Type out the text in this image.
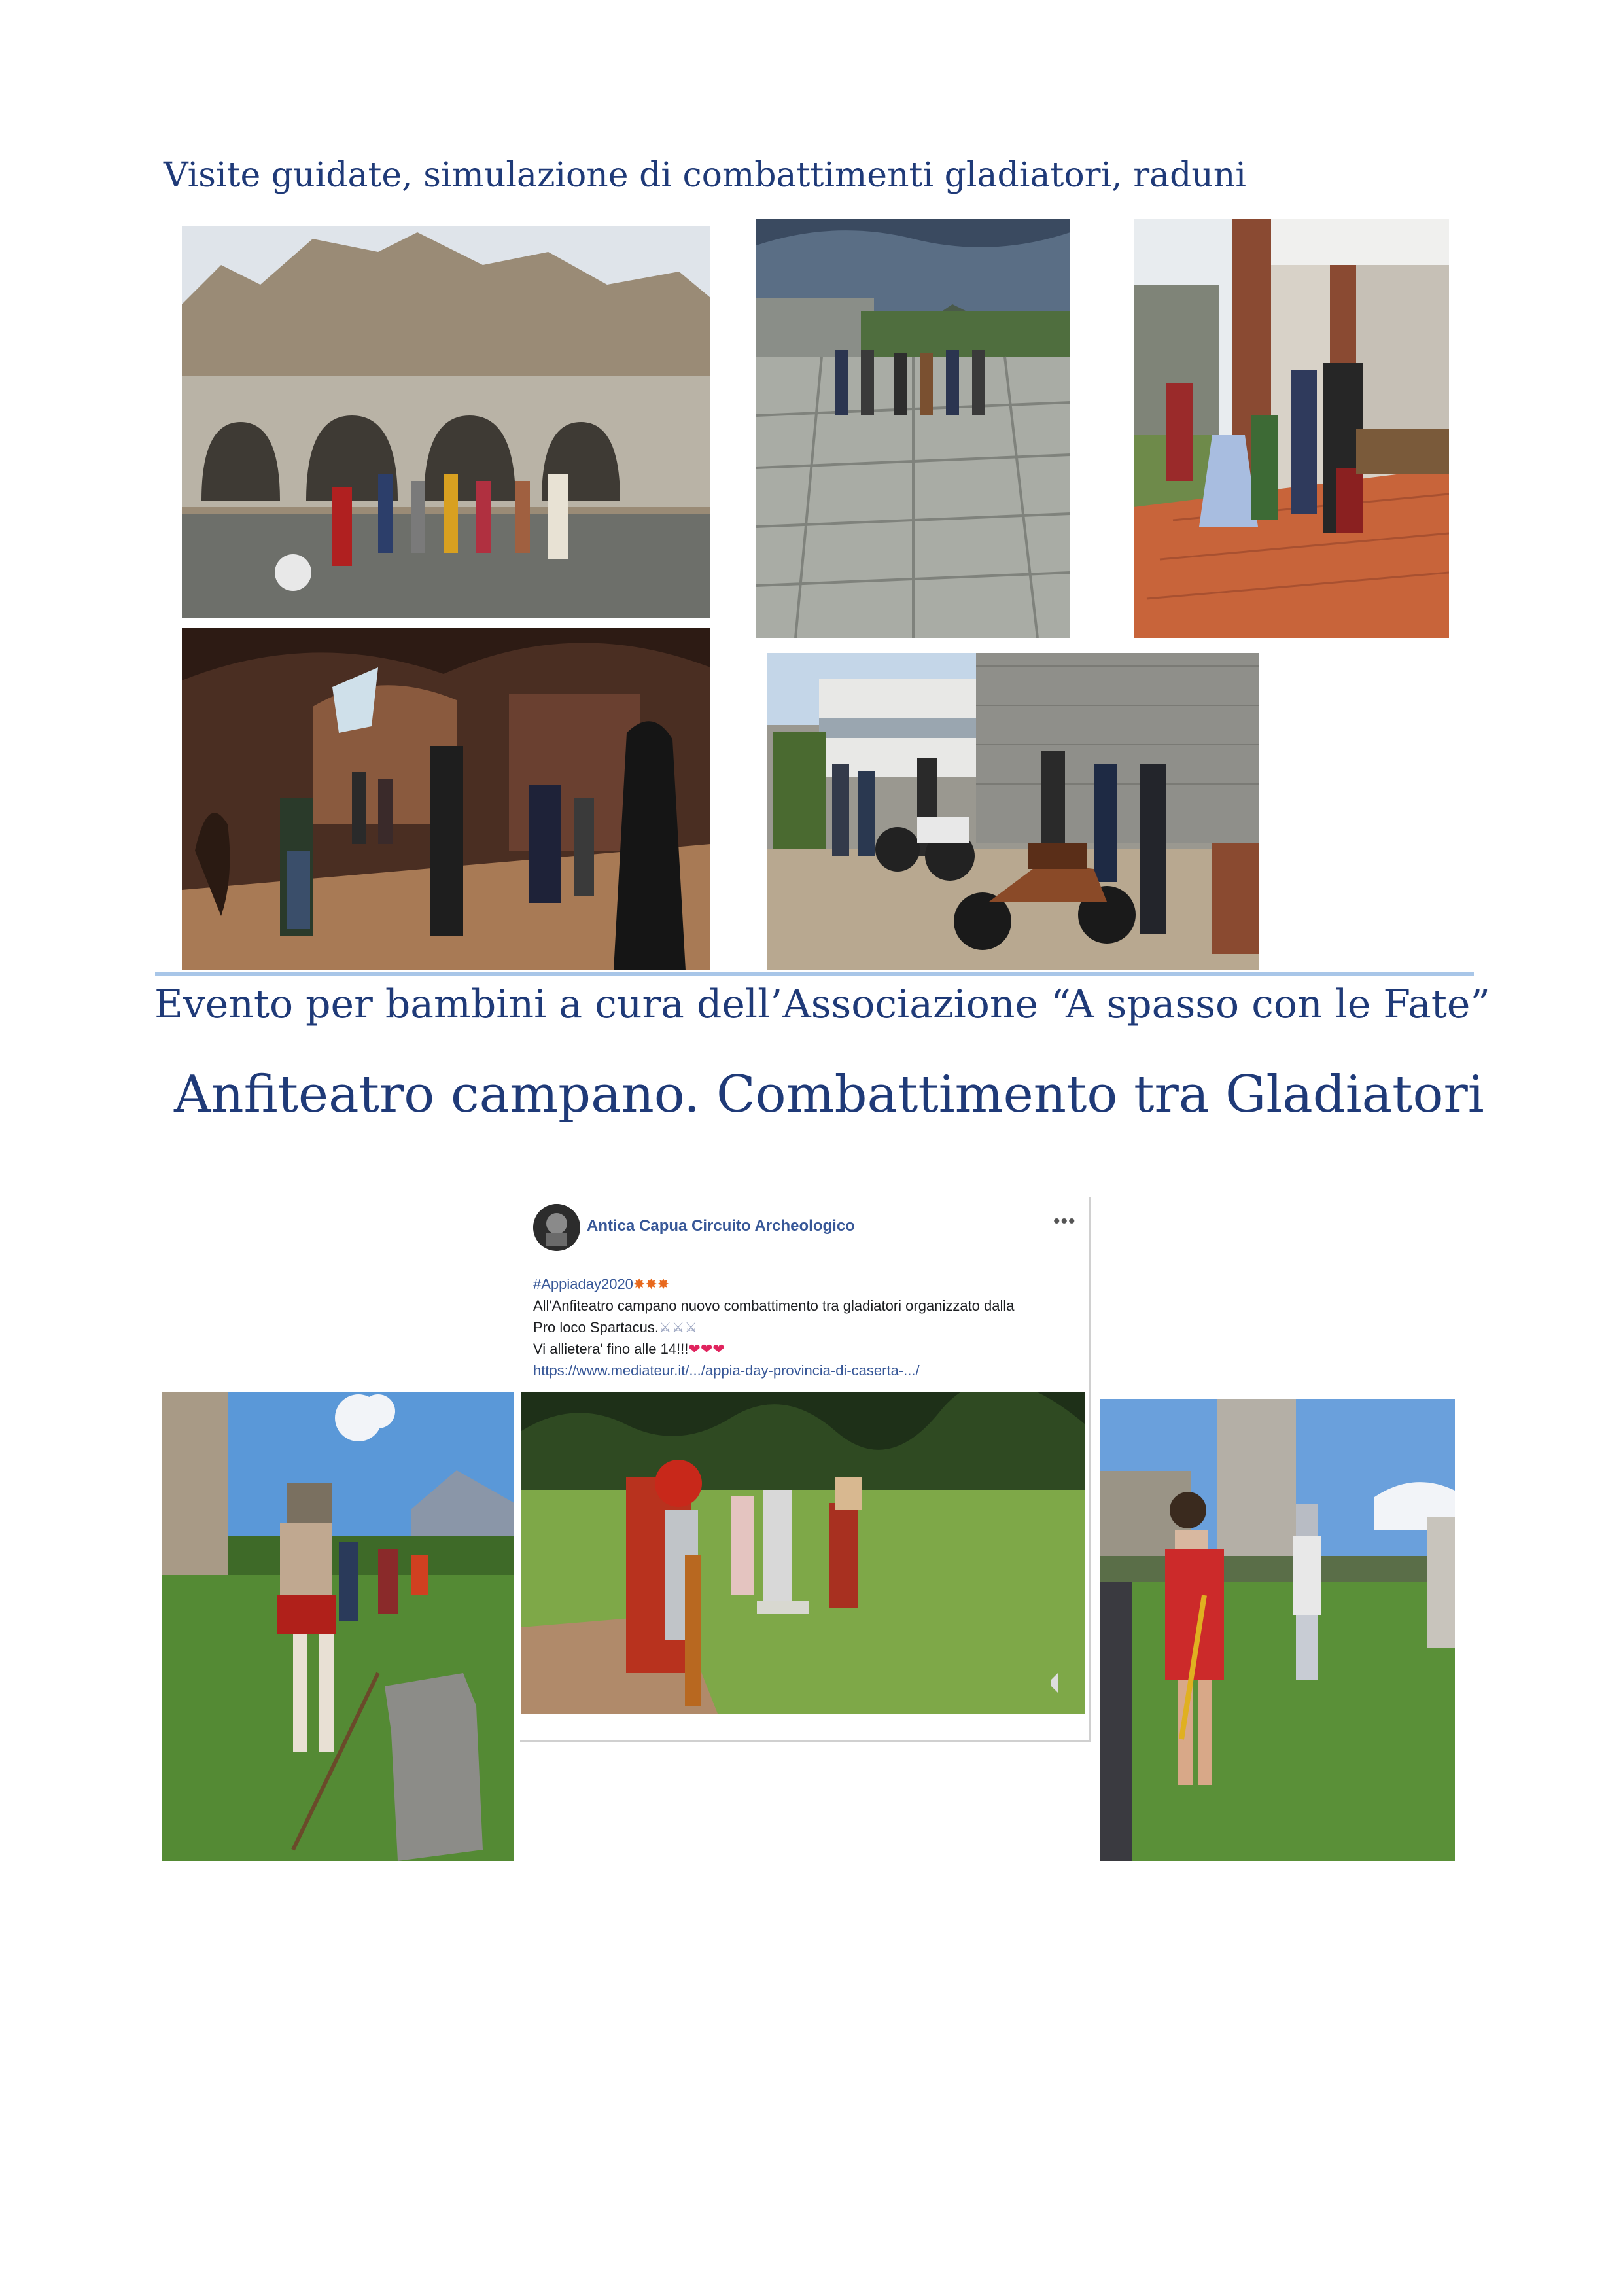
Visite guidate, simulazione di combattimenti gladiatori, raduni

Evento per bambini a cura dell’Associazione “A spasso con le Fate”

Anfiteatro campano. Combattimento tra Gladiatori

Antica Capua Circuito Archeologico	•••
#Appiaday2020✸✸✸
All'Anfiteatro campano nuovo combattimento tra gladiatori organizzato dalla
Pro loco Spartacus.⚔⚔⚔
Vi allietera' fino alle 14!!!❤❤❤
https://www.mediateur.it/.../appia-day-provincia-di-caserta-.../
